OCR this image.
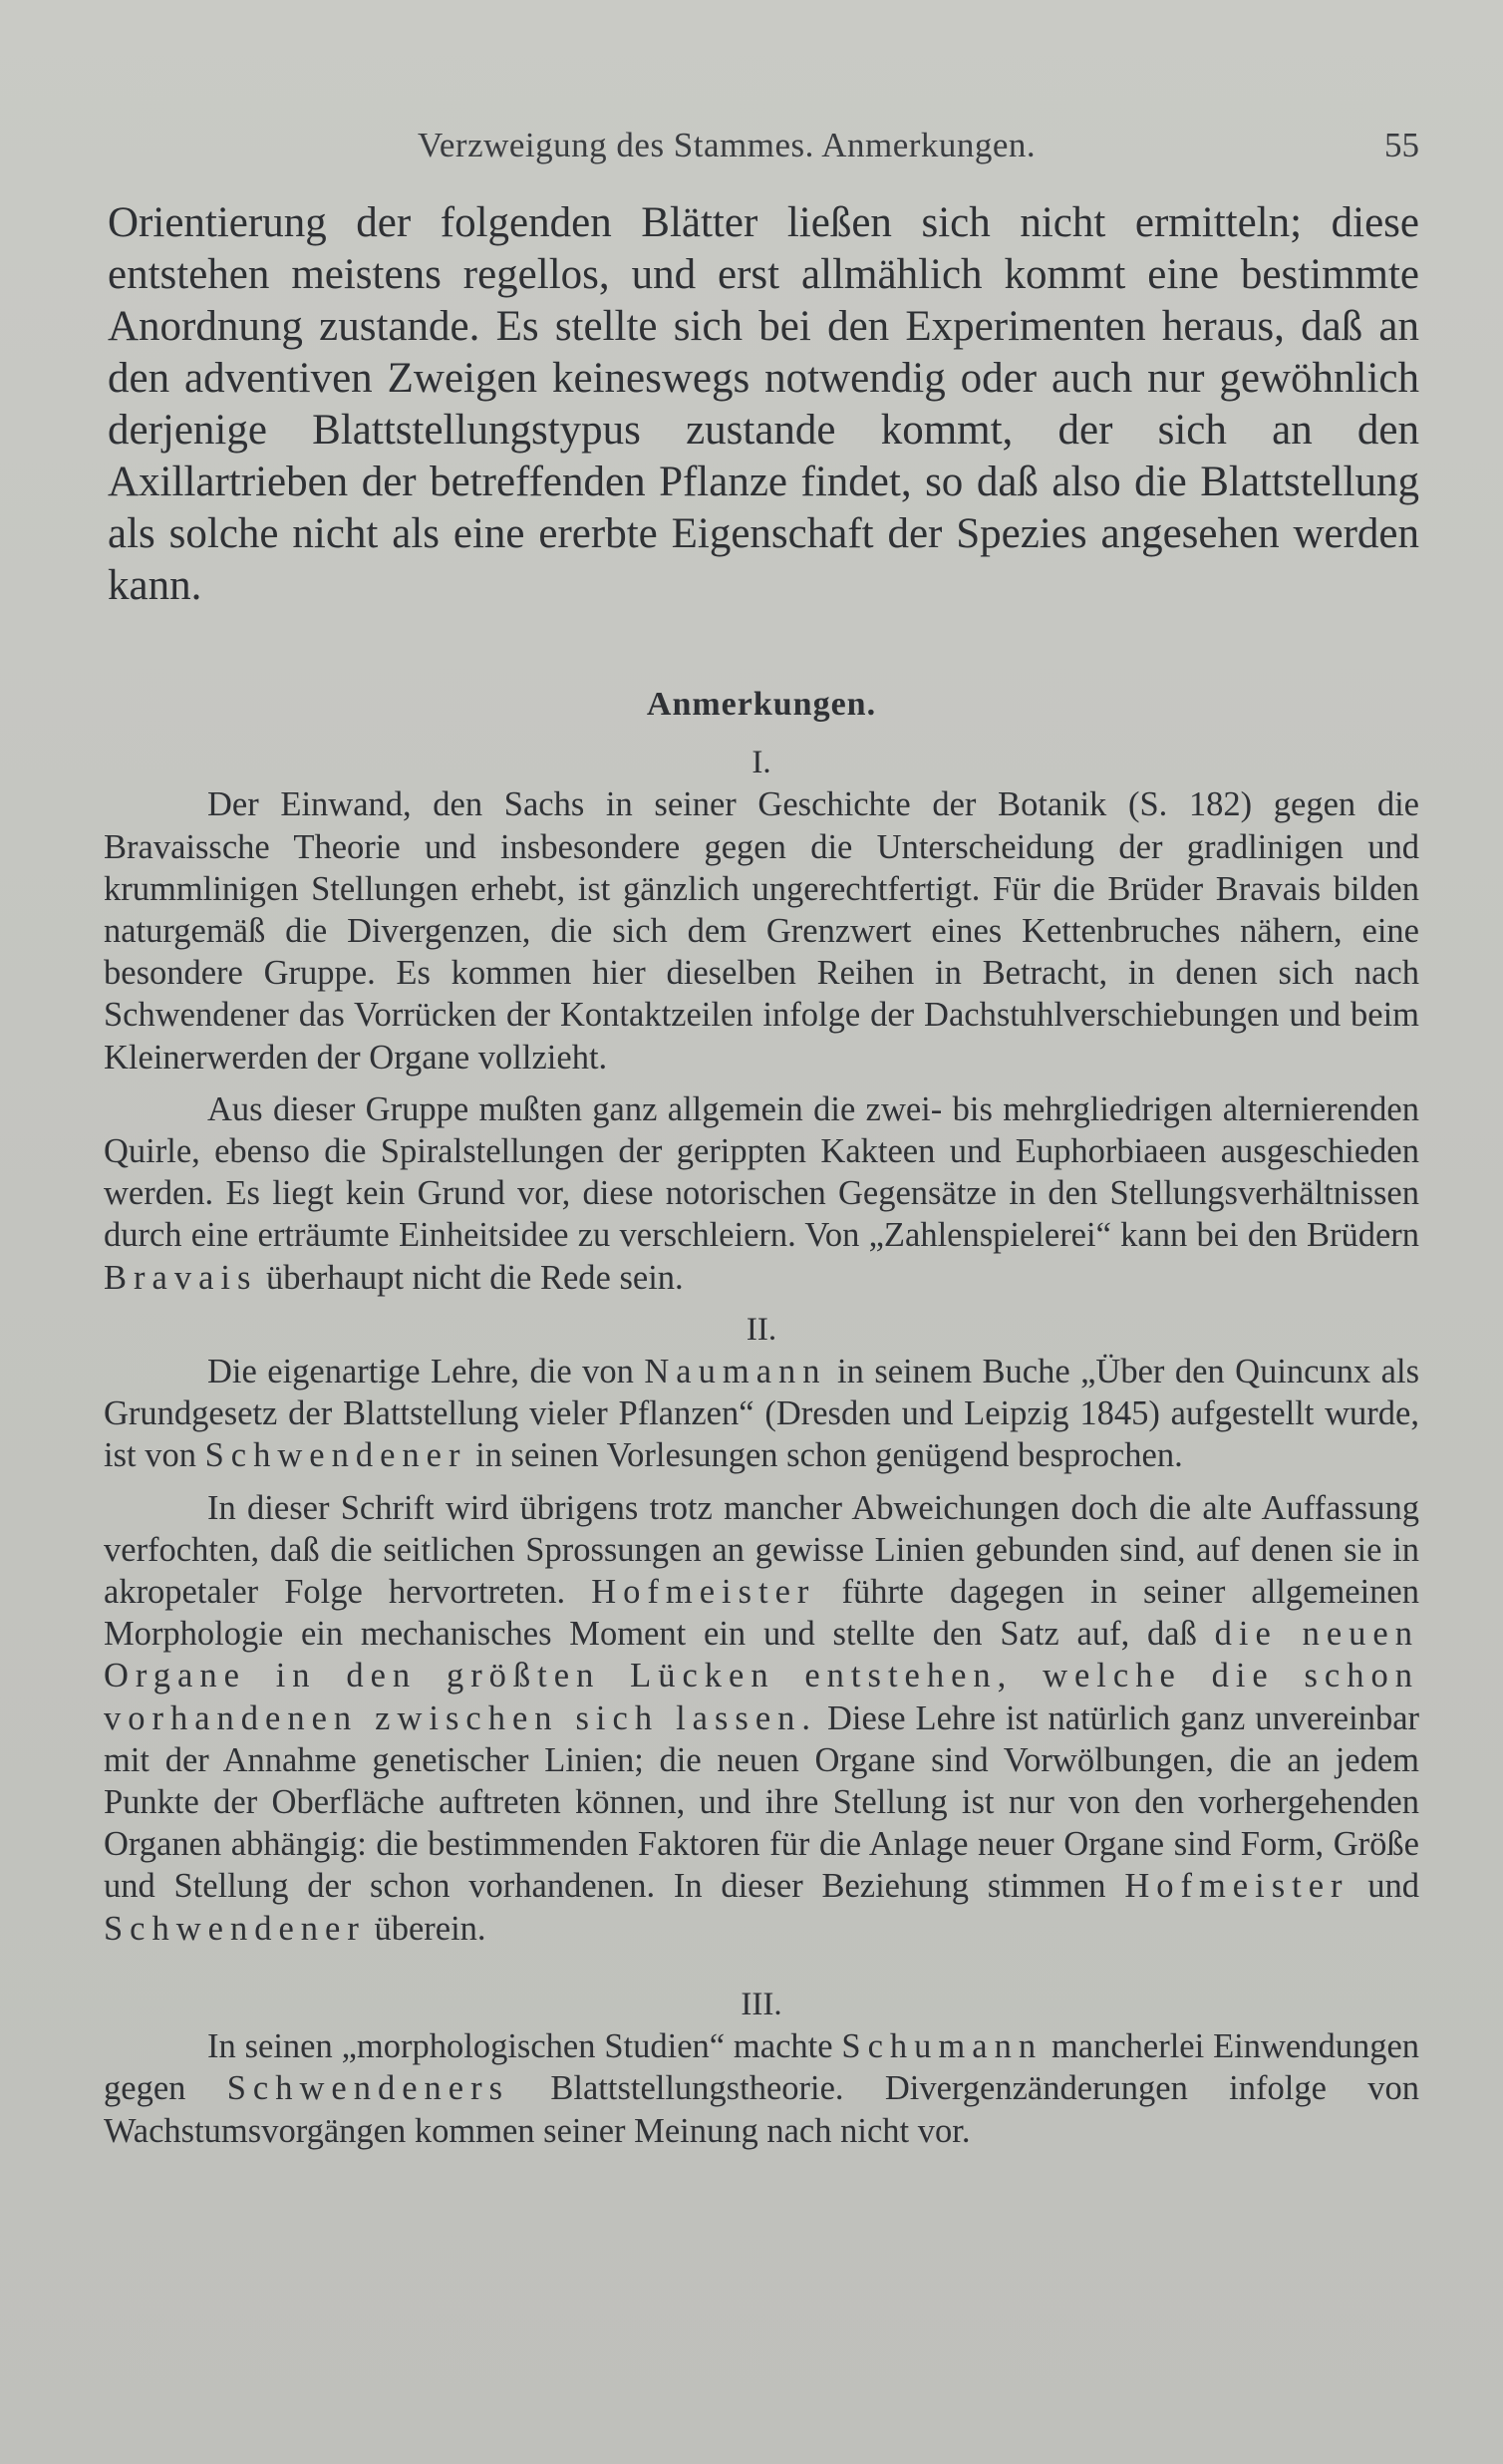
Verzweigung des Stammes. Anmerkungen.	55

Orientierung der folgenden Blätter ließen sich nicht ermitteln; diese entstehen meistens regellos, und erst allmählich kommt eine bestimmte Anordnung zustande. Es stellte sich bei den Experimenten heraus, daß an den adventiven Zweigen keineswegs notwendig oder auch nur gewöhnlich derjenige Blattstellungstypus zustande kommt, der sich an den Axillartrieben der betreffenden Pflanze findet, so daß also die Blattstellung als solche nicht als eine ererbte Eigenschaft der Spezies angesehen werden kann.

Anmerkungen.
I.

Der Einwand, den Sachs in seiner Geschichte der Botanik (S. 182) gegen die Bravaissche Theorie und insbesondere gegen die Unterscheidung der gradlinigen und krummlinigen Stellungen erhebt, ist gänzlich ungerechtfertigt. Für die Brüder Bravais bilden naturgemäß die Divergenzen, die sich dem Grenzwert eines Kettenbruches nähern, eine besondere Gruppe. Es kommen hier dieselben Reihen in Betracht, in denen sich nach Schwendener das Vorrücken der Kontaktzeilen infolge der Dachstuhlverschiebungen und beim Kleinerwerden der Organe vollzieht.

Aus dieser Gruppe mußten ganz allgemein die zwei- bis mehrgliedrigen alternierenden Quirle, ebenso die Spiralstellungen der gerippten Kakteen und Euphorbiaeen ausgeschieden werden. Es liegt kein Grund vor, diese notorischen Gegensätze in den Stellungsverhältnissen durch eine erträumte Einheitsidee zu verschleiern. Von „Zahlenspielerei“ kann bei den Brüdern Bravais überhaupt nicht die Rede sein.

II.

Die eigenartige Lehre, die von Naumann in seinem Buche „Über den Quincunx als Grundgesetz der Blattstellung vieler Pflanzen“ (Dresden und Leipzig 1845) aufgestellt wurde, ist von Schwendener in seinen Vorlesungen schon genügend besprochen.

In dieser Schrift wird übrigens trotz mancher Abweichungen doch die alte Auffassung verfochten, daß die seitlichen Sprossungen an gewisse Linien gebunden sind, auf denen sie in akropetaler Folge hervortreten. Hofmeister führte dagegen in seiner allgemeinen Morphologie ein mechanisches Moment ein und stellte den Satz auf, daß die neuen Organe in den größten Lücken entstehen, welche die schon vorhandenen zwischen sich lassen. Diese Lehre ist natürlich ganz unvereinbar mit der Annahme genetischer Linien; die neuen Organe sind Vorwölbungen, die an jedem Punkte der Oberfläche auftreten können, und ihre Stellung ist nur von den vorhergehenden Organen abhängig: die bestimmenden Faktoren für die Anlage neuer Organe sind Form, Größe und Stellung der schon vorhandenen. In dieser Beziehung stimmen Hofmeister und Schwendener überein.

III.

In seinen „morphologischen Studien“ machte Schumann mancherlei Einwendungen gegen Schwendeners Blattstellungstheorie. Divergenzänderungen infolge von Wachstumsvorgängen kommen seiner Meinung nach nicht vor.
